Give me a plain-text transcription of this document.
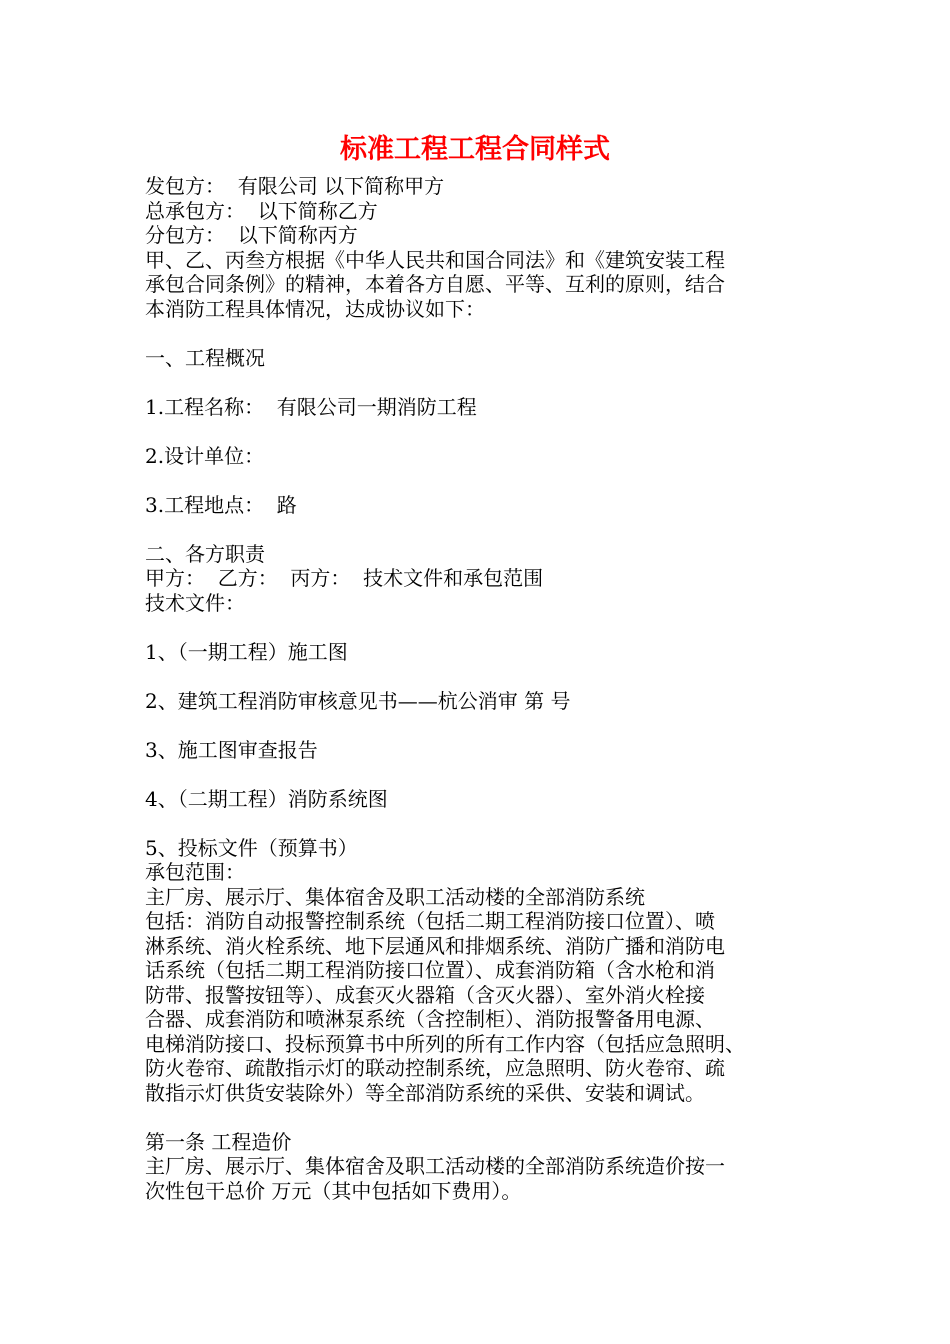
标准工程工程合同样式
发包方：  有限公司 以下简称甲方
总承包方：  以下简称乙方
分包方：  以下简称丙方
甲、乙、丙叁方根据《中华人民共和国合同法》和《建筑安装工程
承包合同条例》的精神，本着各方自愿、平等、互利的原则，结合
本消防工程具体情况，达成协议如下：
一、工程概况
1.工程名称：  有限公司一期消防工程
2.设计单位：
3.工程地点：  路
二、各方职责
甲方：  乙方：  丙方：  技术文件和承包范围
技术文件：
1、（一期工程）施工图
2、建筑工程消防审核意见书——杭公消审 第 号
3、施工图审查报告
4、（二期工程）消防系统图
5、投标文件（预算书）
承包范围：
主厂房、展示厅、集体宿舍及职工活动楼的全部消防系统
包括：消防自动报警控制系统（包括二期工程消防接口位置）、喷
淋系统、消火栓系统、地下层通风和排烟系统、消防广播和消防电
话系统（包括二期工程消防接口位置）、成套消防箱（含水枪和消
防带、报警按钮等）、成套灭火器箱（含灭火器）、室外消火栓接
合器、成套消防和喷淋泵系统（含控制柜）、消防报警备用电源、
电梯消防接口、投标预算书中所列的所有工作内容（包括应急照明、
防火卷帘、疏散指示灯的联动控制系统，应急照明、防火卷帘、疏
散指示灯供货安装除外）等全部消防系统的采供、安装和调试。
第一条 工程造价
主厂房、展示厅、集体宿舍及职工活动楼的全部消防系统造价按一
次性包干总价 万元（其中包括如下费用）。
